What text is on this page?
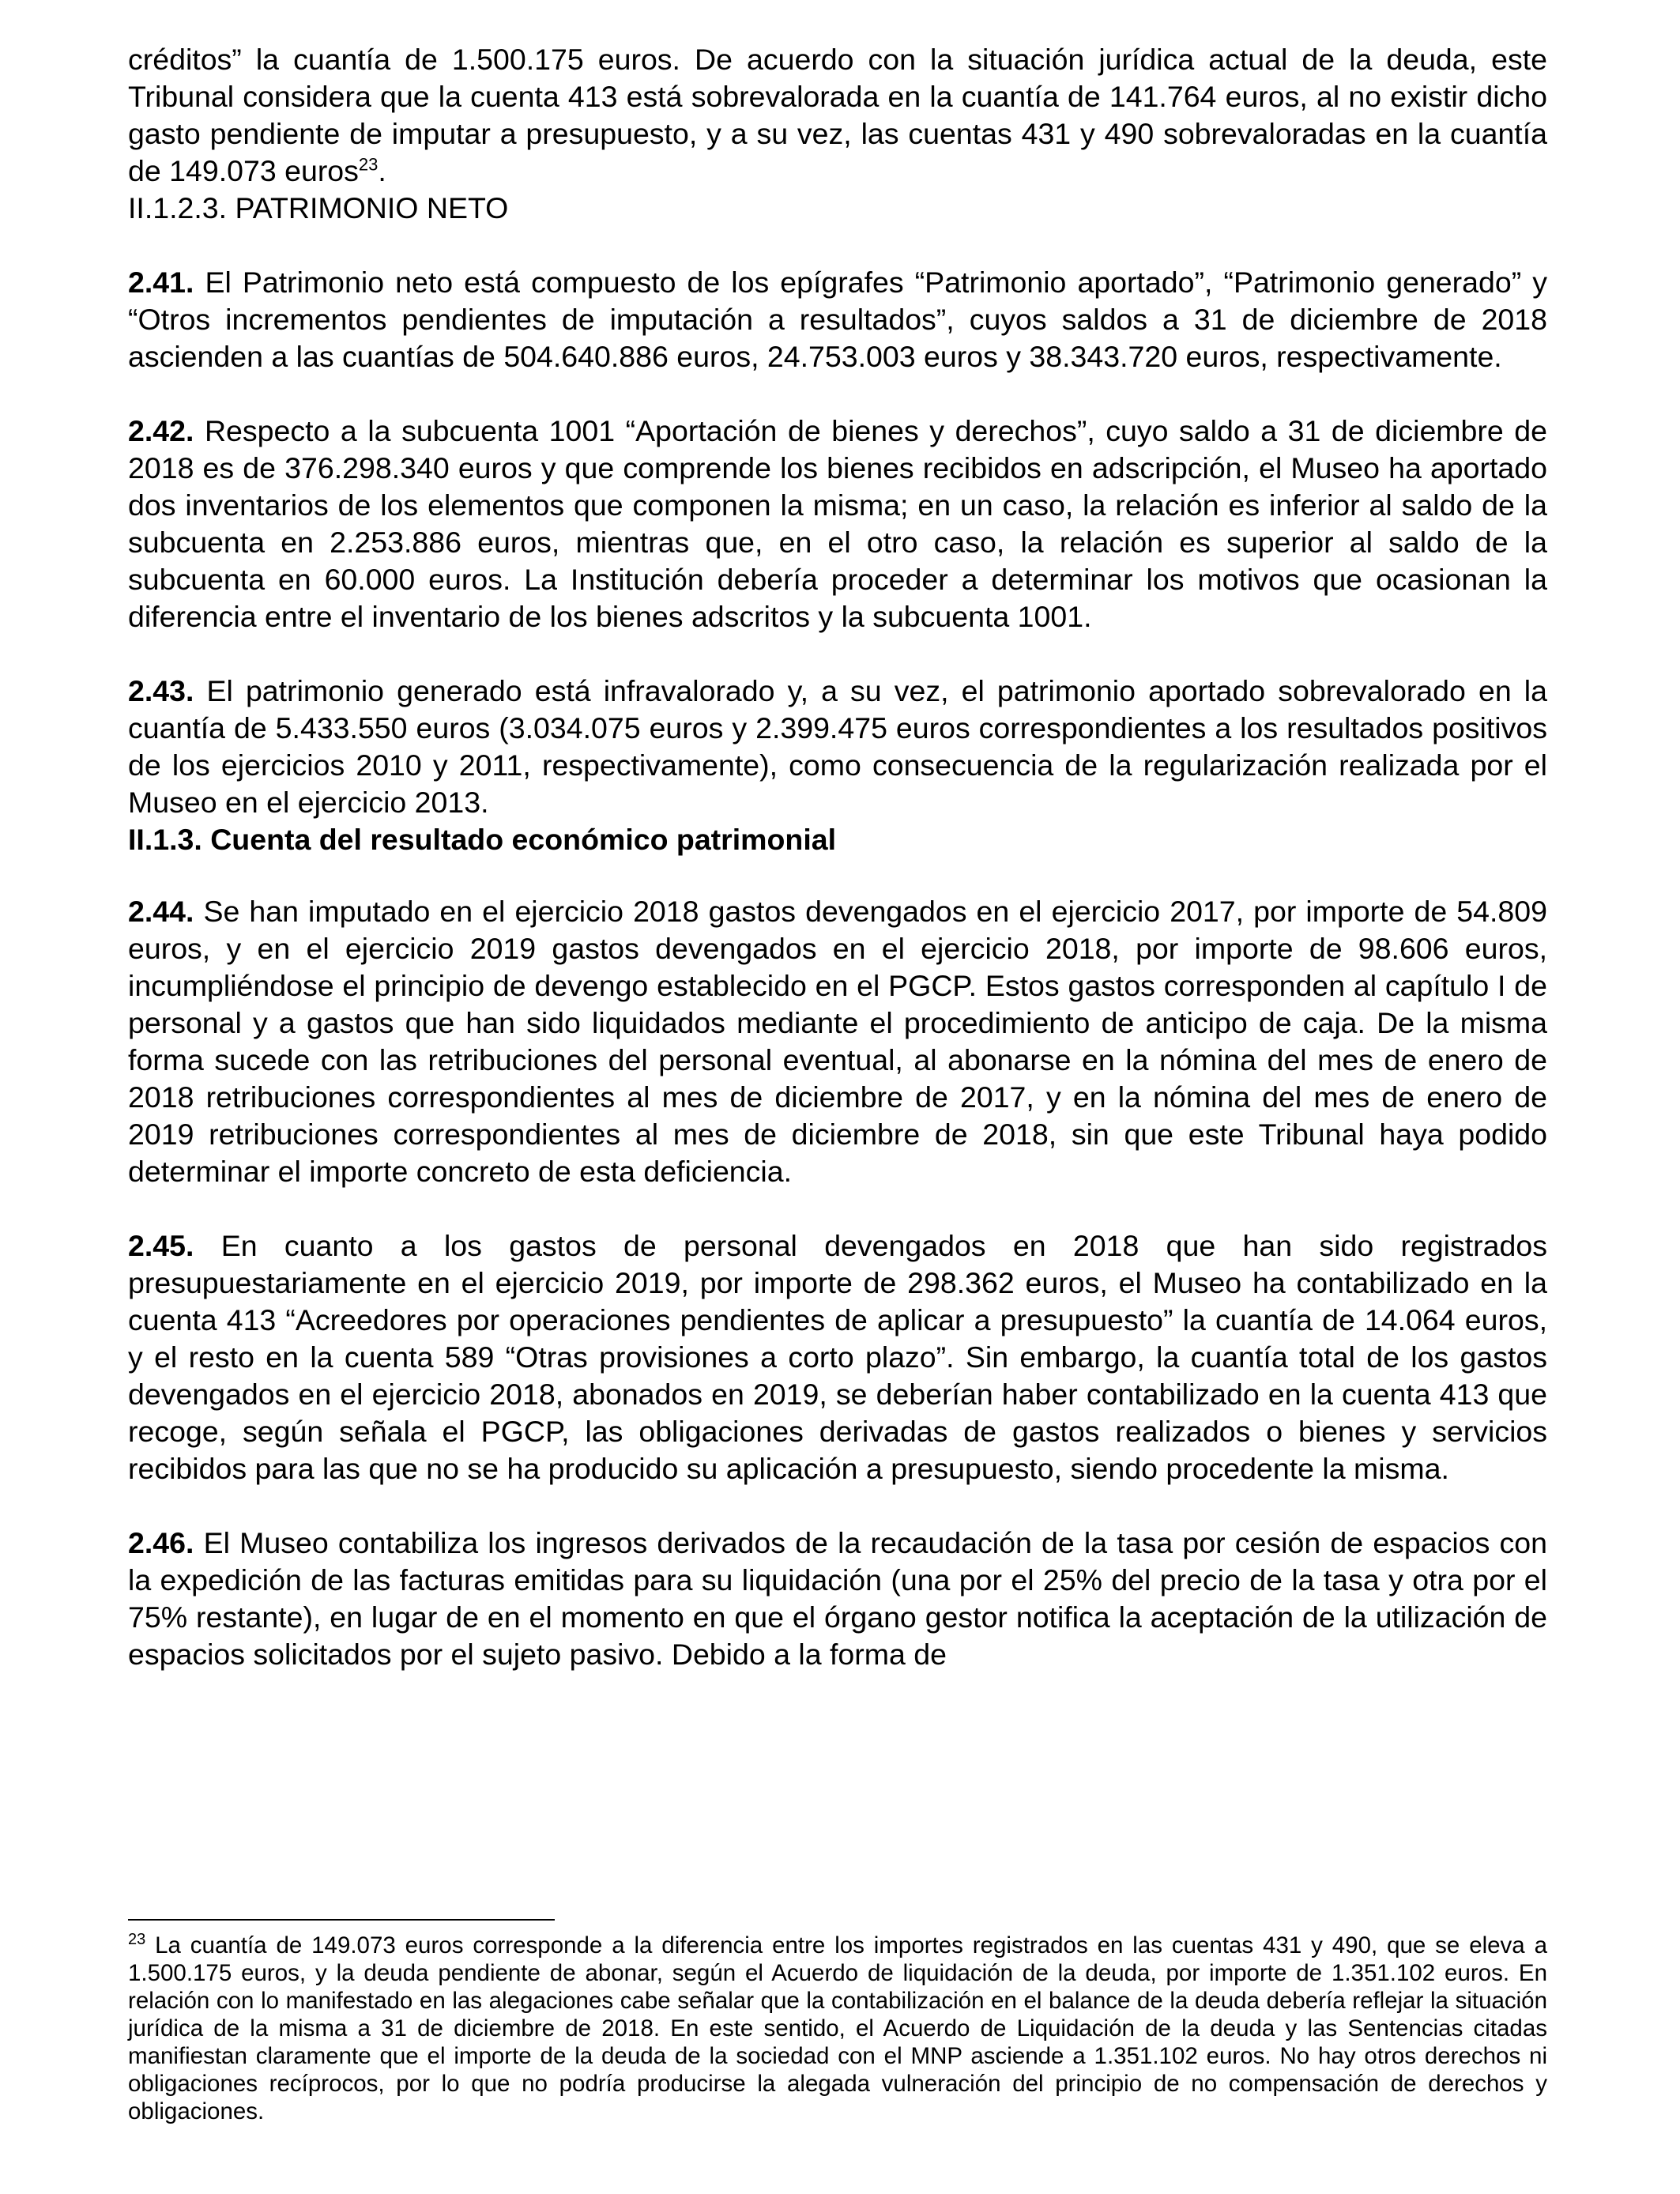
créditos” la cuantía de 1.500.175 euros. De acuerdo con la situación jurídica actual de la deuda, este Tribunal considera que la cuenta 413 está sobrevalorada en la cuantía de 141.764 euros, al no existir dicho gasto pendiente de imputar a presupuesto, y a su vez, las cuentas 431 y 490 sobrevaloradas en la cuantía de 149.073 euros$^{23}$.

II.1.2.3. PATRIMONIO NETO

2.41. El Patrimonio neto está compuesto de los epígrafes “Patrimonio aportado”, “Patrimonio generado” y “Otros incrementos pendientes de imputación a resultados”, cuyos saldos a 31 de diciembre de 2018 ascienden a las cuantías de 504.640.886 euros, 24.753.003 euros y 38.343.720 euros, respectivamente.

2.42. Respecto a la subcuenta 1001 “Aportación de bienes y derechos”, cuyo saldo a 31 de diciembre de 2018 es de 376.298.340 euros y que comprende los bienes recibidos en adscripción, el Museo ha aportado dos inventarios de los elementos que componen la misma; en un caso, la relación es inferior al saldo de la subcuenta en 2.253.886 euros, mientras que, en el otro caso, la relación es superior al saldo de la subcuenta en 60.000 euros. La Institución debería proceder a determinar los motivos que ocasionan la diferencia entre el inventario de los bienes adscritos y la subcuenta 1001.

2.43. El patrimonio generado está infravalorado y, a su vez, el patrimonio aportado sobrevalorado en la cuantía de 5.433.550 euros (3.034.075 euros y 2.399.475 euros correspondientes a los resultados positivos de los ejercicios 2010 y 2011, respectivamente), como consecuencia de la regularización realizada por el Museo en el ejercicio 2013.

II.1.3. Cuenta del resultado económico patrimonial

2.44. Se han imputado en el ejercicio 2018 gastos devengados en el ejercicio 2017, por importe de 54.809 euros, y en el ejercicio 2019 gastos devengados en el ejercicio 2018, por importe de 98.606 euros, incumpliéndose el principio de devengo establecido en el PGCP. Estos gastos corresponden al capítulo I de personal y a gastos que han sido liquidados mediante el procedimiento de anticipo de caja. De la misma forma sucede con las retribuciones del personal eventual, al abonarse en la nómina del mes de enero de 2018 retribuciones correspondientes al mes de diciembre de 2017, y en la nómina del mes de enero de 2019 retribuciones correspondientes al mes de diciembre de 2018, sin que este Tribunal haya podido determinar el importe concreto de esta deficiencia.

2.45. En cuanto a los gastos de personal devengados en 2018 que han sido registrados presupuestariamente en el ejercicio 2019, por importe de 298.362 euros, el Museo ha contabilizado en la cuenta 413 “Acreedores por operaciones pendientes de aplicar a presupuesto” la cuantía de 14.064 euros, y el resto en la cuenta 589 “Otras provisiones a corto plazo”. Sin embargo, la cuantía total de los gastos devengados en el ejercicio 2018, abonados en 2019, se deberían haber contabilizado en la cuenta 413 que recoge, según señala el PGCP, las obligaciones derivadas de gastos realizados o bienes y servicios recibidos para las que no se ha producido su aplicación a presupuesto, siendo procedente la misma.

2.46. El Museo contabiliza los ingresos derivados de la recaudación de la tasa por cesión de espacios con la expedición de las facturas emitidas para su liquidación (una por el 25% del precio de la tasa y otra por el 75% restante), en lugar de en el momento en que el órgano gestor notifica la aceptación de la utilización de espacios solicitados por el sujeto pasivo. Debido a la forma de

$^{23}$ La cuantía de 149.073 euros corresponde a la diferencia entre los importes registrados en las cuentas 431 y 490, que se eleva a 1.500.175 euros, y la deuda pendiente de abonar, según el Acuerdo de liquidación de la deuda, por importe de 1.351.102 euros. En relación con lo manifestado en las alegaciones cabe señalar que la contabilización en el balance de la deuda debería reflejar la situación jurídica de la misma a 31 de diciembre de 2018. En este sentido, el Acuerdo de Liquidación de la deuda y las Sentencias citadas manifiestan claramente que el importe de la deuda de la sociedad con el MNP asciende a 1.351.102 euros. No hay otros derechos ni obligaciones recíprocos, por lo que no podría producirse la alegada vulneración del principio de no compensación de derechos y obligaciones.
